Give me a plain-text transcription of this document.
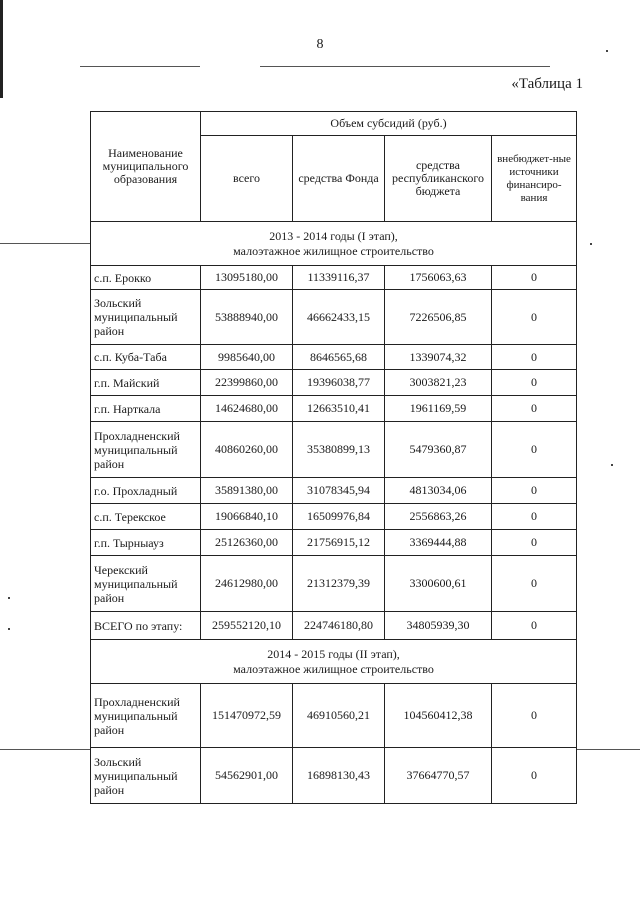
8
«Таблица 1
Наименование муниципального образования	Объем субсидий (руб.)			
	всего	средства Фонда	средства республиканского бюджета	внебюджет-ные источники финансиро-вания

2013 - 2014 годы (I этап),
малоэтажное жилищное строительство				

с.п. Ерокко	13095180,00	11339116,37	1756063,63	0
Зольский муниципальный район	53888940,00	46662433,15	7226506,85	0
с.п. Куба-Таба	9985640,00	8646565,68	1339074,32	0
г.п. Майский	22399860,00	19396038,77	3003821,23	0
г.п. Нарткала	14624680,00	12663510,41	1961169,59	0
Прохладненский муниципальный район	40860260,00	35380899,13	5479360,87	0
г.о. Прохладный	35891380,00	31078345,94	4813034,06	0
с.п. Терекское	19066840,10	16509976,84	2556863,26	0
г.п. Тырныауз	25126360,00	21756915,12	3369444,88	0
Черекский муниципальный район	24612980,00	21312379,39	3300600,61	0
ВСЕГО по этапу:	259552120,10	224746180,80	34805939,30	0

2014 - 2015 годы (II этап),
малоэтажное жилищное строительство				

Прохладненский муниципальный район	151470972,59	46910560,21	104560412,38	0
Зольский муниципальный район	54562901,00	16898130,43	37664770,57	0
